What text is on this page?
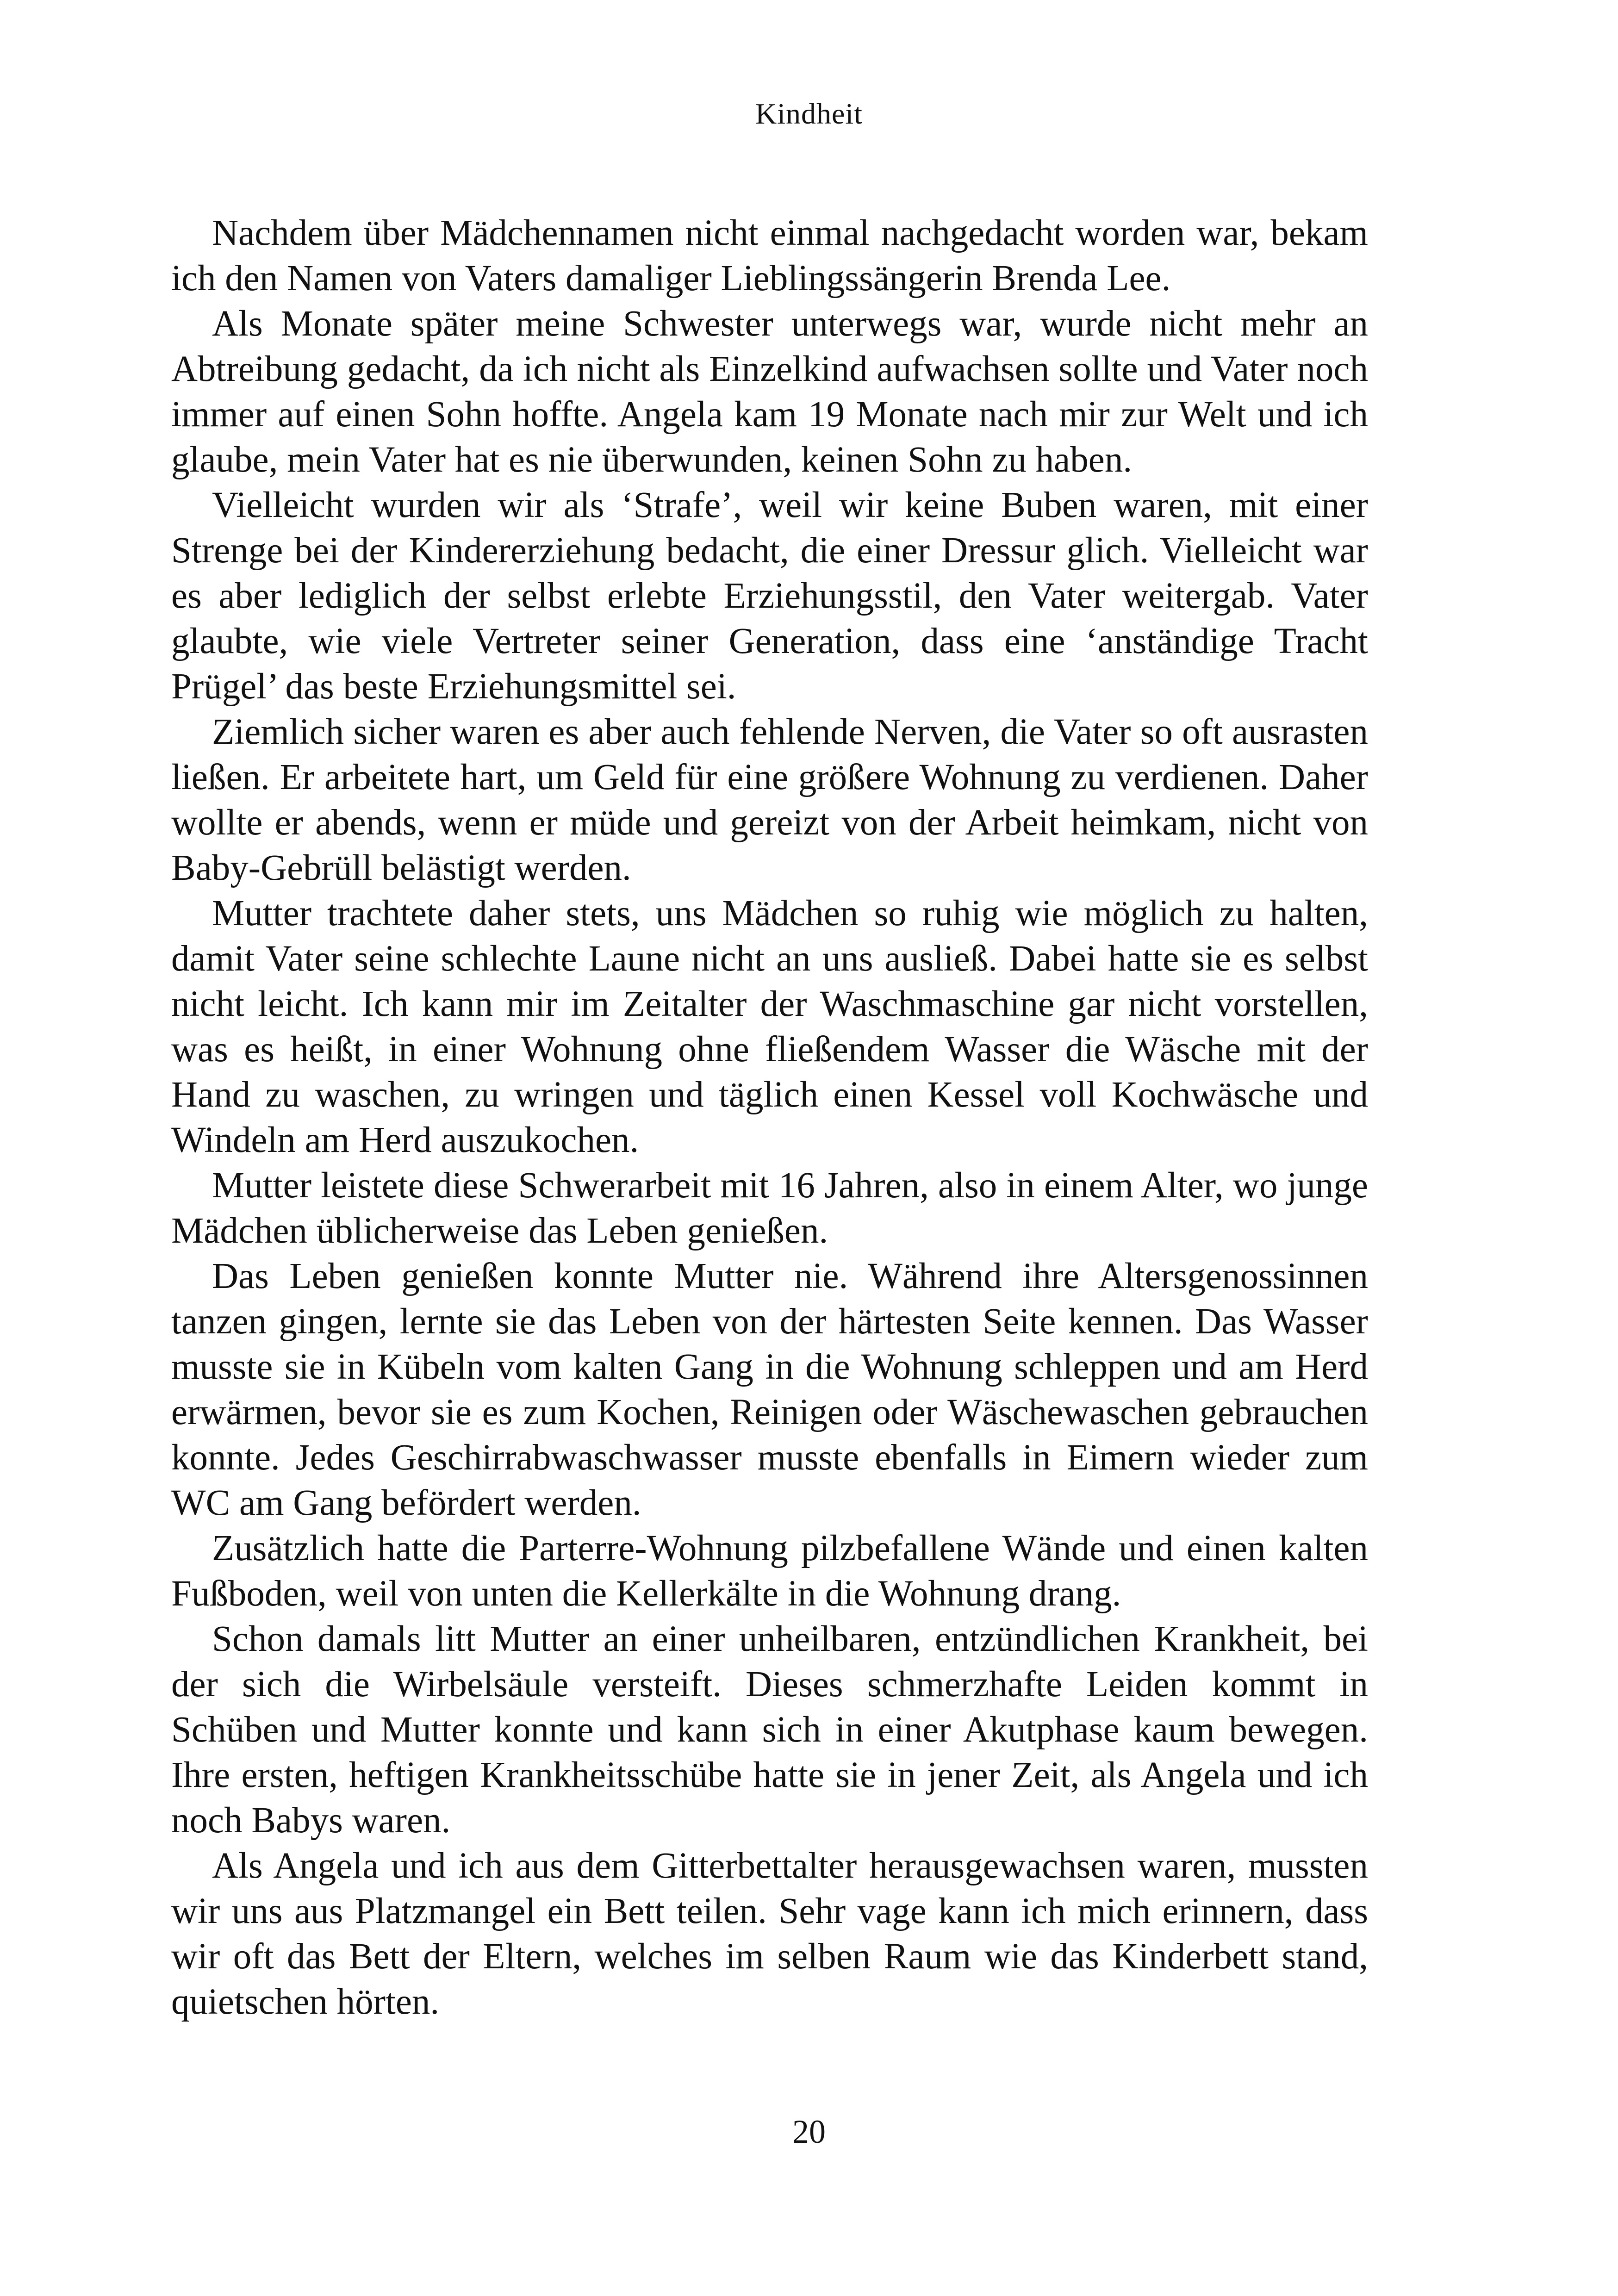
Kindheit

Nachdem über Mädchennamen nicht einmal nachgedacht worden war, bekam ich den Namen von Vaters damaliger Lieblingssängerin Brenda Lee.

Als Monate später meine Schwester unterwegs war, wurde nicht mehr an Abtreibung gedacht, da ich nicht als Einzelkind aufwachsen sollte und Vater noch immer auf einen Sohn hoffte. Angela kam 19 Monate nach mir zur Welt und ich glaube, mein Vater hat es nie überwunden, keinen Sohn zu haben.

Vielleicht wurden wir als ‘Strafe’, weil wir keine Buben waren, mit einer Strenge bei der Kindererziehung bedacht, die einer Dressur glich. Vielleicht war es aber lediglich der selbst erlebte Erziehungsstil, den Vater weitergab. Vater glaubte, wie viele Vertreter seiner Generation, dass eine ‘anständige Tracht Prügel’ das beste Erziehungsmittel sei.

Ziemlich sicher waren es aber auch fehlende Nerven, die Vater so oft ausrasten ließen. Er arbeitete hart, um Geld für eine größere Wohnung zu verdienen. Daher wollte er abends, wenn er müde und gereizt von der Arbeit heimkam, nicht von Baby-Gebrüll belästigt werden.

Mutter trachtete daher stets, uns Mädchen so ruhig wie möglich zu halten, damit Vater seine schlechte Laune nicht an uns ausließ. Dabei hatte sie es selbst nicht leicht. Ich kann mir im Zeitalter der Waschmaschine gar nicht vorstellen, was es heißt, in einer Wohnung ohne fließendem Wasser die Wäsche mit der Hand zu waschen, zu wringen und täglich einen Kessel voll Kochwäsche und Windeln am Herd auszukochen.

Mutter leistete diese Schwerarbeit mit 16 Jahren, also in einem Alter, wo junge Mädchen üblicherweise das Leben genießen.

Das Leben genießen konnte Mutter nie. Während ihre Altersgenossinnen tanzen gingen, lernte sie das Leben von der härtesten Seite kennen. Das Wasser musste sie in Kübeln vom kalten Gang in die Wohnung schleppen und am Herd erwärmen, bevor sie es zum Kochen, Reinigen oder Wäschewaschen gebrauchen konnte. Jedes Geschirrabwaschwasser musste ebenfalls in Eimern wieder zum WC am Gang befördert werden.

Zusätzlich hatte die Parterre-Wohnung pilzbefallene Wände und einen kalten Fußboden, weil von unten die Kellerkälte in die Wohnung drang.

Schon damals litt Mutter an einer unheilbaren, entzündlichen Krankheit, bei der sich die Wirbelsäule versteift. Dieses schmerzhafte Leiden kommt in Schüben und Mutter konnte und kann sich in einer Akutphase kaum bewegen. Ihre ersten, heftigen Krankheitsschübe hatte sie in jener Zeit, als Angela und ich noch Babys waren.

Als Angela und ich aus dem Gitterbettalter herausgewachsen waren, mussten wir uns aus Platzmangel ein Bett teilen. Sehr vage kann ich mich erinnern, dass wir oft das Bett der Eltern, welches im selben Raum wie das Kinderbett stand, quietschen hörten.

20
